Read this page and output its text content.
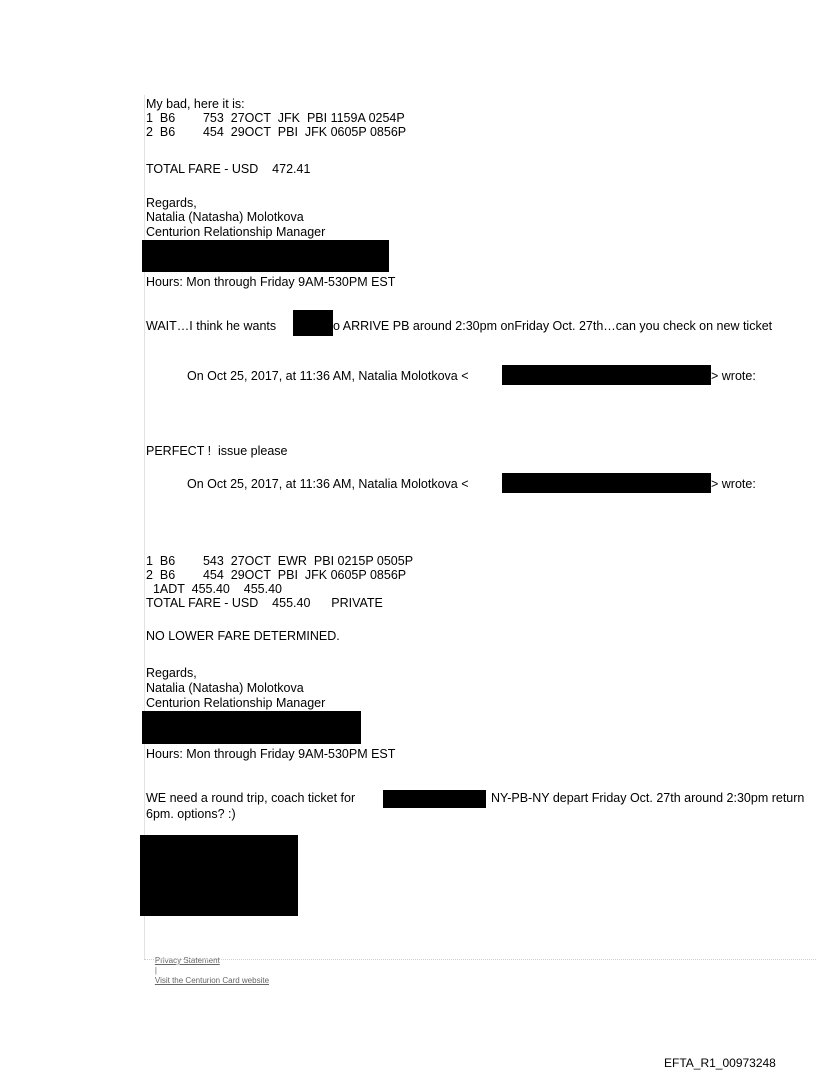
My bad, here it is:
1  B6        753  27OCT  JFK  PBI 1159A 0254P
2  B6        454  29OCT  PBI  JFK 0605P 0856P
TOTAL FARE - USD    472.41
Regards,
Natalia (Natasha) Molotkova
Centurion Relationship Manager
Hours: Mon through Friday 9AM-530PM EST
WAIT…I think he wants	o ARRIVE PB around 2:30pm onFriday Oct. 27th…can you check on new ticket
On Oct 25, 2017, at 11:36 AM, Natalia Molotkova <	> wrote:
PERFECT !  issue please
On Oct 25, 2017, at 11:36 AM, Natalia Molotkova <	> wrote:
1  B6        543  27OCT  EWR  PBI 0215P 0505P
2  B6        454  29OCT  PBI  JFK 0605P 0856P
1ADT  455.40    455.40
TOTAL FARE - USD    455.40      PRIVATE
NO LOWER FARE DETERMINED.
Regards,
Natalia (Natasha) Molotkova
Centurion Relationship Manager
Hours: Mon through Friday 9AM-530PM EST
WE need a round trip, coach ticket for	NY-PB-NY depart Friday Oct. 27th around 2:30pm return
6pm. options? :)

Privacy Statement
|
Visit the Centurion Card website

EFTA_R1_00973248
